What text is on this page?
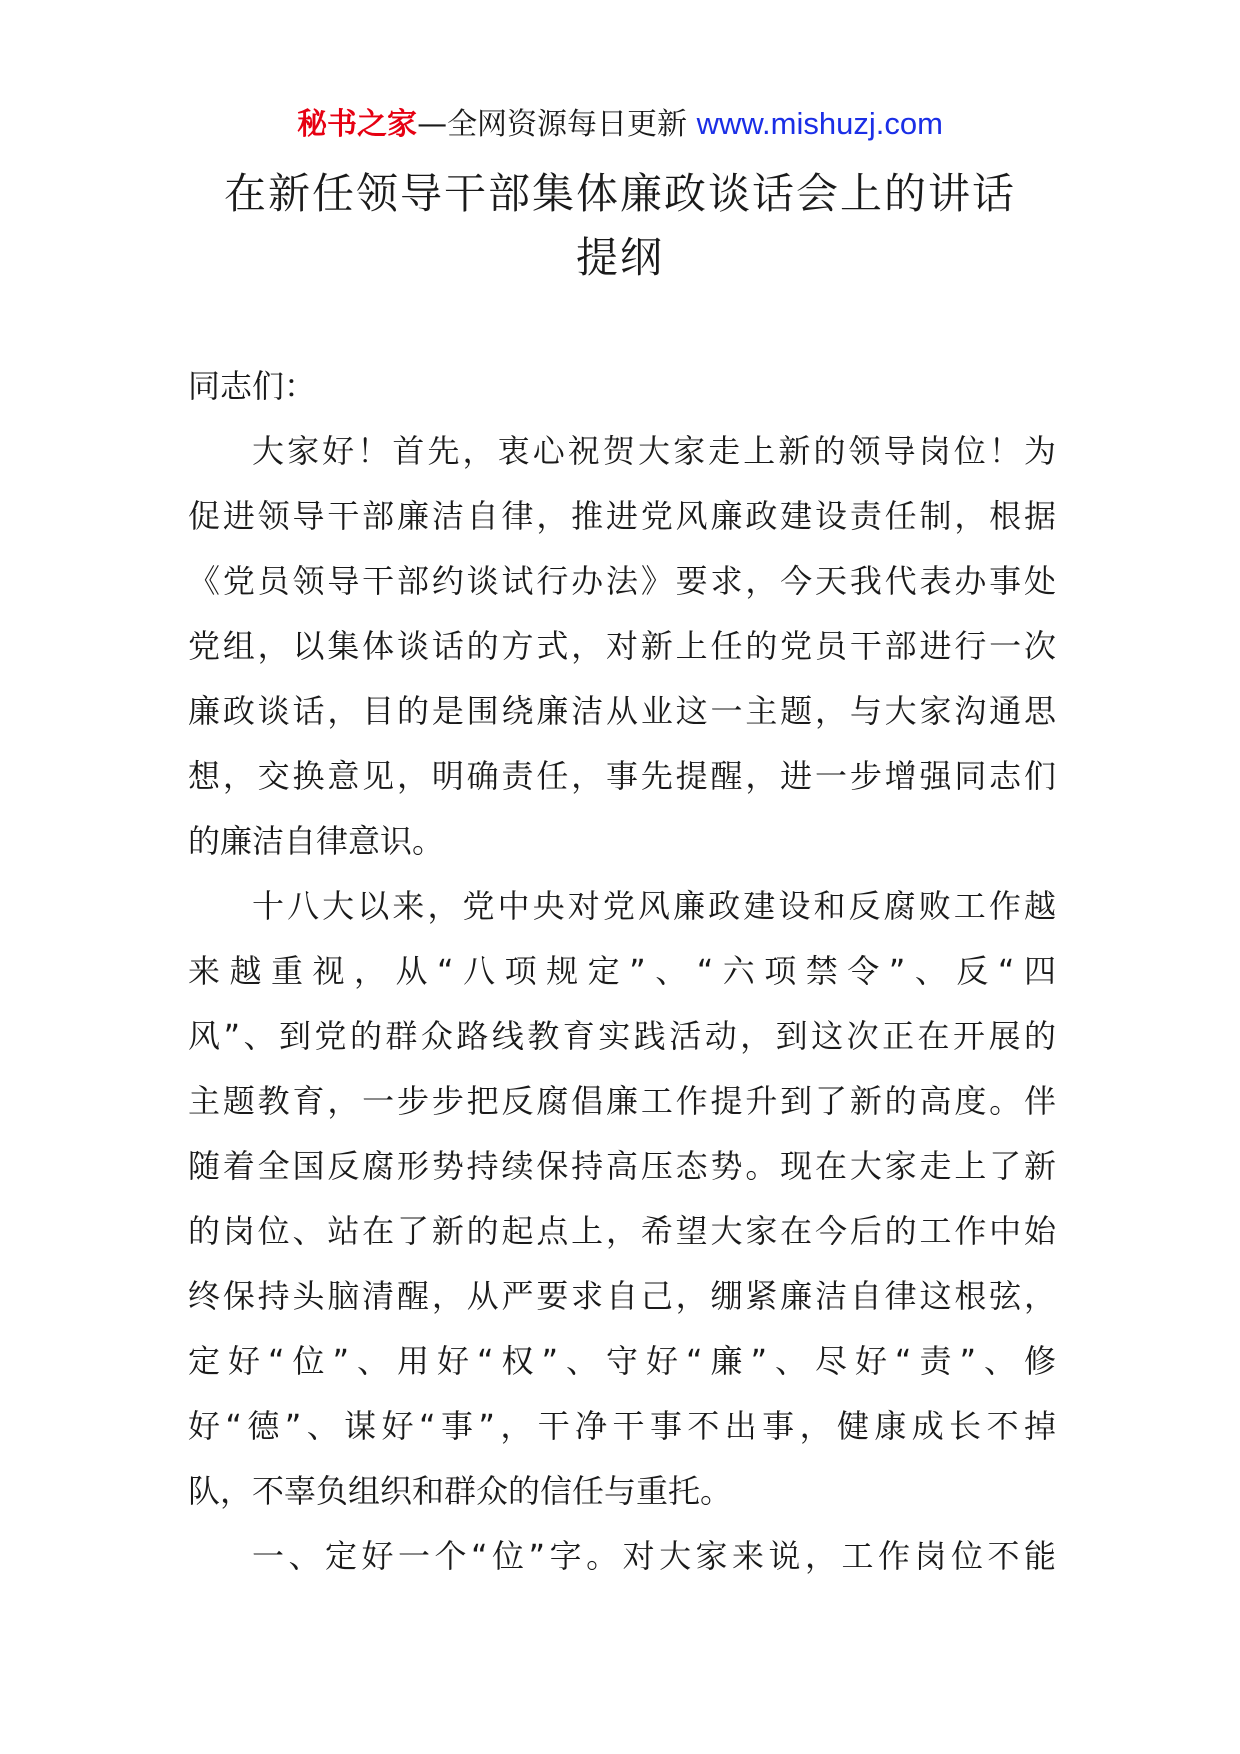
秘书之家—全网资源每日更新 www.mishuzj.com
在新任领导干部集体廉政谈话会上的讲话
提纲

同志们：

大家好！首先，衷心祝贺大家走上新的领导岗位！为
促进领导干部廉洁自律，推进党风廉政建设责任制，根据
《党员领导干部约谈试行办法》要求，今天我代表办事处
党组，以集体谈话的方式，对新上任的党员干部进行一次
廉政谈话，目的是围绕廉洁从业这一主题，与大家沟通思
想，交换意见，明确责任，事先提醒，进一步增强同志们
的廉洁自律意识。
十八大以来，党中央对党风廉政建设和反腐败工作越
来越重视，从“八项规定”、“六项禁令”、反“四
风”、到党的群众路线教育实践活动，到这次正在开展的
主题教育，一步步把反腐倡廉工作提升到了新的高度。伴
随着全国反腐形势持续保持高压态势。现在大家走上了新
的岗位、站在了新的起点上，希望大家在今后的工作中始
终保持头脑清醒，从严要求自己，绷紧廉洁自律这根弦，
定好“位”、用好“权”、守好“廉”、尽好“责”、修
好“德”、谋好“事”，干净干事不出事，健康成长不掉
队，不辜负组织和群众的信任与重托。
一、定好一个“位”字。对大家来说，工作岗位不能
